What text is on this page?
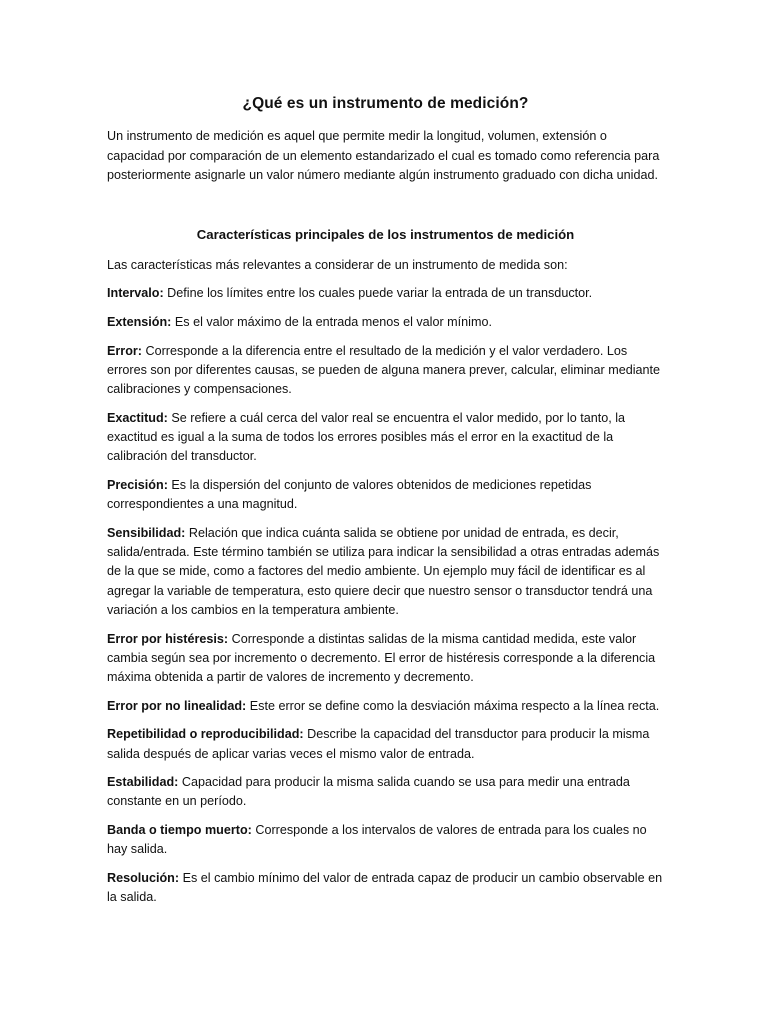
¿Qué es un instrumento de medición?

Un instrumento de medición es aquel que permite medir la longitud, volumen, extensión o capacidad por comparación de un elemento estandarizado el cual es tomado como referencia para posteriormente asignarle un valor número mediante algún instrumento graduado con dicha unidad.

Características principales de los instrumentos de medición

Las características más relevantes a considerar de un instrumento de medida son:

Intervalo: Define los límites entre los cuales puede variar la entrada de un transductor.

Extensión: Es el valor máximo de la entrada menos el valor mínimo.

Error: Corresponde a la diferencia entre el resultado de la medición y el valor verdadero. Los errores son por diferentes causas, se pueden de alguna manera prever, calcular, eliminar mediante calibraciones y compensaciones.

Exactitud: Se refiere a cuál cerca del valor real se encuentra el valor medido, por lo tanto, la exactitud es igual a la suma de todos los errores posibles más el error en la exactitud de la calibración del transductor.

Precisión: Es la dispersión del conjunto de valores obtenidos de mediciones repetidas correspondientes a una magnitud.

Sensibilidad: Relación que indica cuánta salida se obtiene por unidad de entrada, es decir, salida/entrada. Este término también se utiliza para indicar la sensibilidad a otras entradas además de la que se mide, como a factores del medio ambiente. Un ejemplo muy fácil de identificar es al agregar la variable de temperatura, esto quiere decir que nuestro sensor o transductor tendrá una variación a los cambios en la temperatura ambiente.

Error por histéresis: Corresponde a distintas salidas de la misma cantidad medida, este valor cambia según sea por incremento o decremento. El error de histéresis corresponde a la diferencia máxima obtenida a partir de valores de incremento y decremento.

Error por no linealidad: Este error se define como la desviación máxima respecto a la línea recta.

Repetibilidad o reproducibilidad: Describe la capacidad del transductor para producir la misma salida después de aplicar varias veces el mismo valor de entrada.

Estabilidad: Capacidad para producir la misma salida cuando se usa para medir una entrada constante en un período.

Banda o tiempo muerto: Corresponde a los intervalos de valores de entrada para los cuales no hay salida.

Resolución: Es el cambio mínimo del valor de entrada capaz de producir un cambio observable en la salida.
